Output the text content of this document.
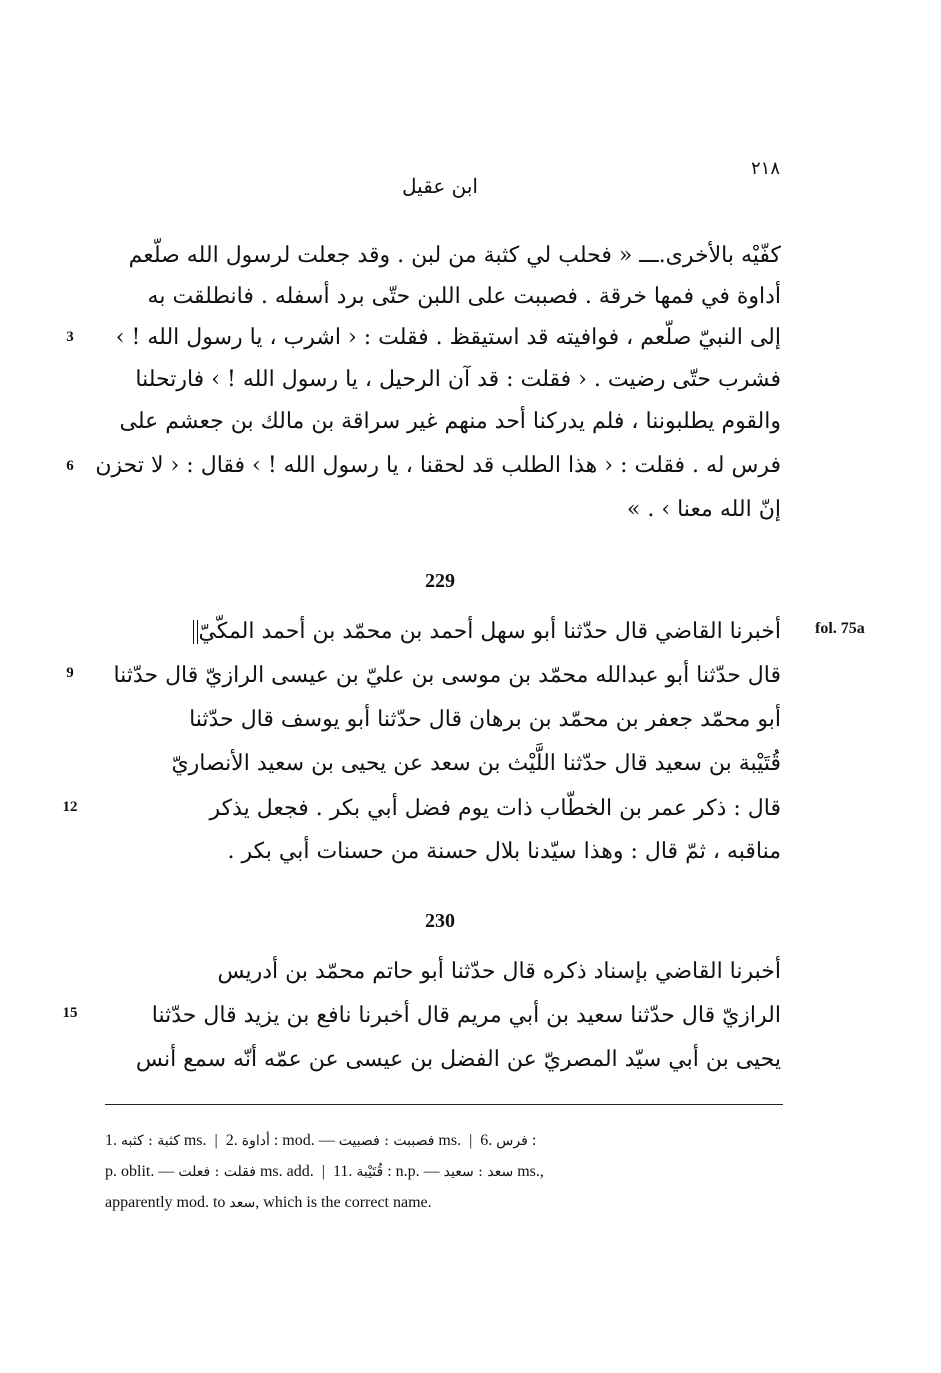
٢١٨
ابن عقيل
كفّيْه بالأخرى.ـــ « فحلب لي كثبة من لبن . وقد جعلت لرسول الله صلّعم
أداوة في فمها خرقة . فصببت على اللبن حتّى برد أسفله . فانطلقت به
إلى النبيّ صلّعم ، فوافيته قد استيقظ . فقلت : ‹ اشرب ، يا رسول الله ! ›
فشرب حتّى رضيت . ‹ فقلت : قد آن الرحيل ، يا رسول الله ! › فارتحلنا
والقوم يطلبوننا ، فلم يدركنا أحد منهم غير سراقة بن مالك بن جعشم على
فرس له . فقلت : ‹ هذا الطلب قد لحقنا ، يا رسول الله ! › فقال : ‹ لا تحزن
إنّ الله معنا › . »
3
6
229
fol. 75a
أخبرنا القاضي قال حدّثنا أبو سهل أحمد بن محمّد بن أحمد المكّيّ
قال حدّثنا أبو عبدالله محمّد بن موسى بن عليّ بن عيسى الرازيّ قال حدّثنا
أبو محمّد جعفر بن محمّد بن برهان قال حدّثنا أبو يوسف قال حدّثنا
قُتَيْبة بن سعيد قال حدّثنا اللَّيْث بن سعد عن يحيى بن سعيد الأنصاريّ
قال : ذكر عمر بن الخطّاب ذات يوم فضل أبي بكر . فجعل يذكر
مناقبه ، ثمّ قال : وهذا سيّدنا بلال حسنة من حسنات أبي بكر .
9
12
230
أخبرنا القاضي بإسناد ذكره قال حدّثنا أبو حاتم محمّد بن أدريس
الرازيّ قال حدّثنا سعيد بن أبي مريم قال أخبرنا نافع بن يزيد قال حدّثنا
يحيى بن أبي سيّد المصريّ عن الفضل بن عيسى عن عمّه أنّه سمع أنس
15
1. كثبة : كثبه ms. | 2. أداوة : mod. — فصببت : فصبيت ms. | 6. فرس :
p. oblit. — فقلت : فعلت ms. add. | 11. قُتَيْبة : n.p. — سعد : سعيد ms.,
apparently mod. to سعد, which is the correct name.
